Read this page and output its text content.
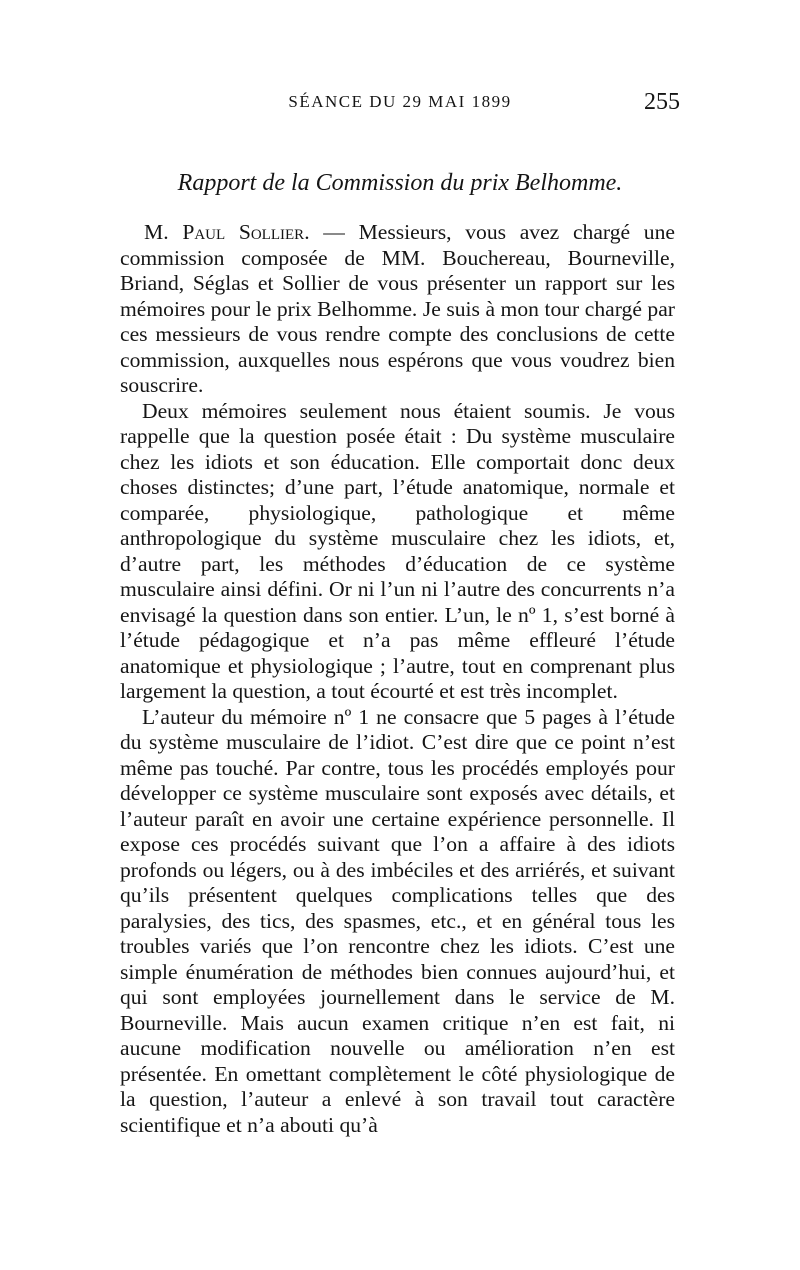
SÉANCE DU 29 MAI 1899	255
Rapport de la Commission du prix Belhomme.

M. Paul Sollier. — Messieurs, vous avez chargé une commission composée de MM. Bouchereau, Bourneville, Briand, Séglas et Sollier de vous présenter un rapport sur les mémoires pour le prix Belhomme. Je suis à mon tour chargé par ces messieurs de vous rendre compte des conclusions de cette commission, auxquelles nous espérons que vous voudrez bien souscrire.

Deux mémoires seulement nous étaient soumis. Je vous rappelle que la question posée était : Du système musculaire chez les idiots et son éducation. Elle comportait donc deux choses distinctes; d’une part, l’étude anatomique, normale et comparée, physiologique, pathologique et même anthropologique du système musculaire chez les idiots, et, d’autre part, les méthodes d’éducation de ce système musculaire ainsi défini. Or ni l’un ni l’autre des concurrents n’a envisagé la question dans son entier. L’un, le nº 1, s’est borné à l’étude pédagogique et n’a pas même effleuré l’étude anatomique et physiologique ; l’autre, tout en comprenant plus largement la question, a tout écourté et est très incomplet.

L’auteur du mémoire nº 1 ne consacre que 5 pages à l’étude du système musculaire de l’idiot. C’est dire que ce point n’est même pas touché. Par contre, tous les procédés employés pour développer ce système musculaire sont exposés avec détails, et l’auteur paraît en avoir une certaine expérience personnelle. Il expose ces procédés suivant que l’on a affaire à des idiots profonds ou légers, ou à des imbéciles et des arriérés, et suivant qu’ils présentent quelques complications telles que des paralysies, des tics, des spasmes, etc., et en général tous les troubles variés que l’on rencontre chez les idiots. C’est une simple énumération de méthodes bien connues aujourd’hui, et qui sont employées journellement dans le service de M. Bourneville. Mais aucun examen critique n’en est fait, ni aucune modification nouvelle ou amélioration n’en est présentée. En omettant complètement le côté physiologique de la question, l’auteur a enlevé à son travail tout caractère scientifique et n’a abouti qu’à
